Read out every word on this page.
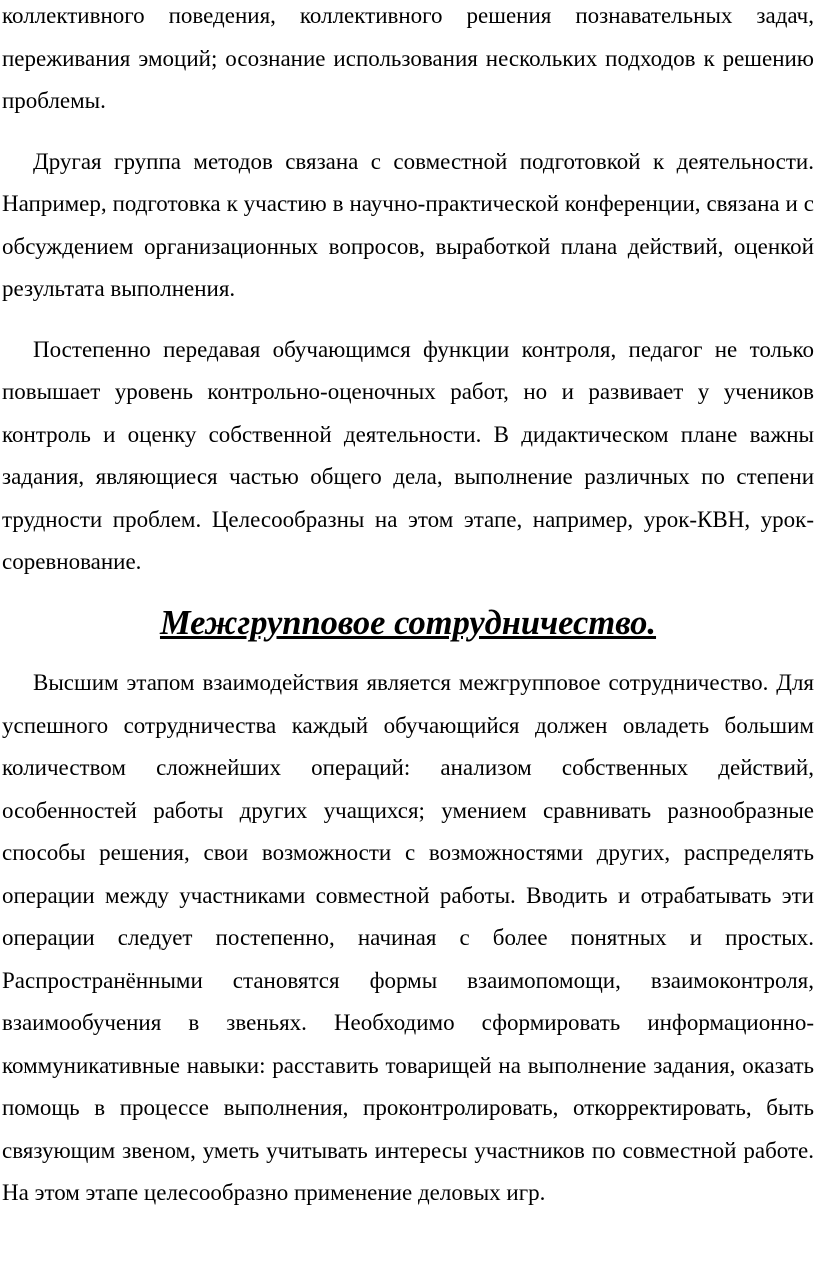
коллективного поведения, коллективного решения познавательных задач, переживания эмоций; осознание использования нескольких подходов к решению проблемы.

Другая группа методов связана с совместной подготовкой к деятельности. Например, подготовка к участию в научно-практической конференции, связана и с обсуждением организационных вопросов, выработкой плана действий, оценкой результата выполнения.

Постепенно передавая обучающимся функции контроля, педагог не только повышает уровень контрольно-оценочных работ, но и развивает у учеников контроль и оценку собственной деятельности. В дидактическом плане важны задания, являющиеся частью общего дела, выполнение различных по степени трудности проблем. Целесообразны на этом этапе, например, урок-КВН, урок-соревнование.

Межгрупповое сотрудничество.

Высшим этапом взаимодействия является межгрупповое сотрудничество. Для успешного сотрудничества каждый обучающийся должен овладеть большим количеством сложнейших операций: анализом собственных действий, особенностей работы других учащихся; умением сравнивать разнообразные способы решения, свои возможности с возможностями других, распределять операции между участниками совместной работы. Вводить и отрабатывать эти операции следует постепенно, начиная с более понятных и простых. Распространёнными становятся формы взаимопомощи, взаимоконтроля, взаимообучения в звеньях. Необходимо сформировать информационно-коммуникативные навыки: расставить товарищей на выполнение задания, оказать помощь в процессе выполнения, проконтролировать, откорректировать, быть связующим звеном, уметь учитывать интересы участников по совместной работе. На этом этапе целесообразно применение деловых игр.
